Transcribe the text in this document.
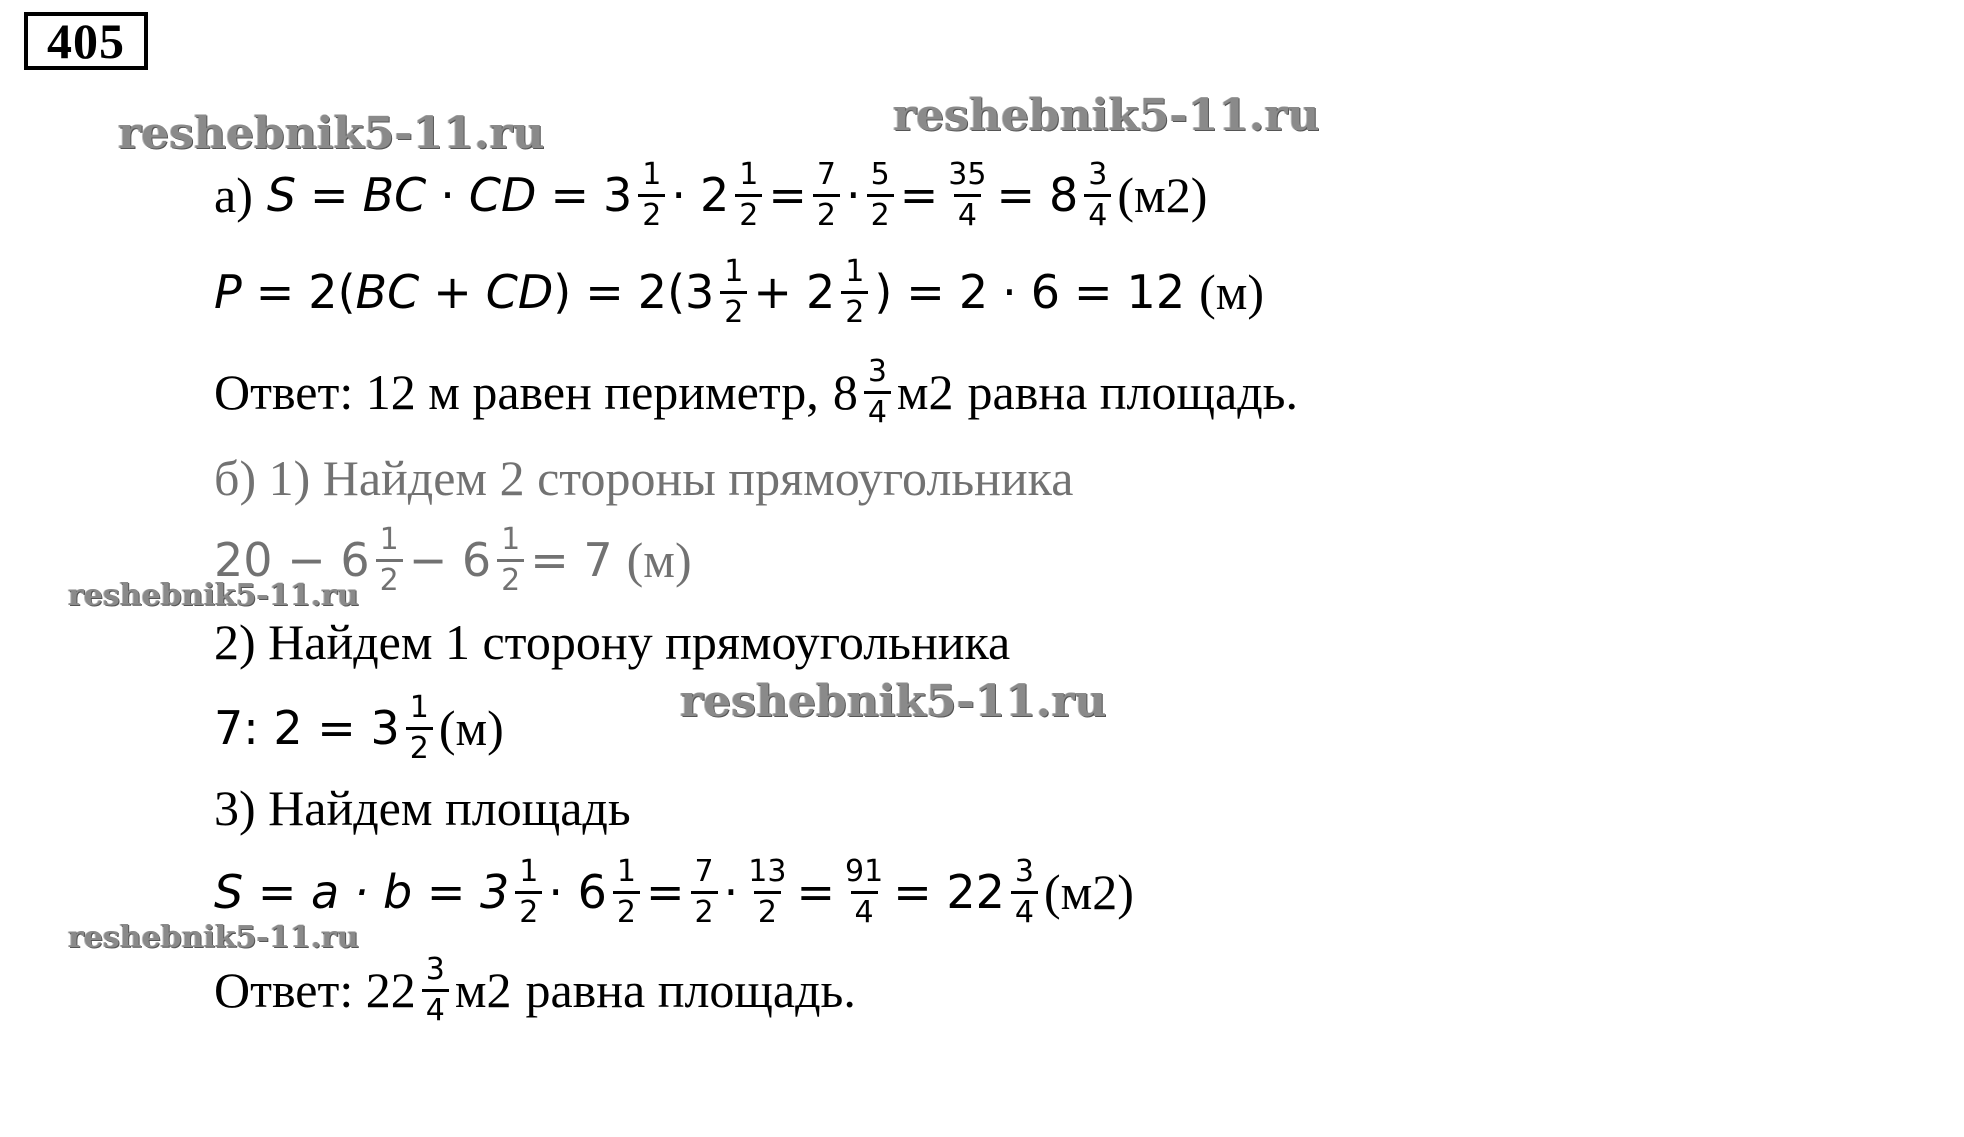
405
reshebnik5-11.ru	reshebnik5-11.ru
reshebnik5-11.ru
reshebnik5-11.ru
reshebnik5-11.ru
а) S = BC · CD = $3 \frac{1}{2} \cdot 2 \frac{1}{2} = \frac{7}{2} \cdot \frac{5}{2} = \frac{35}{4} = 8 \frac{3}{4} (м$ 2 )
P = 2( BC + CD ) = 2( $3 \frac{1}{2} + 2 \frac{1}{2}$ ) = 2 · 6 = 12 (м)
Ответ: 12 м равен периметр, $8 \frac{3}{4}$ м 2 равна площадь.
б) 1) Найдем 2 стороны прямоугольника
$20 - 6 \frac{1}{2} - 6 \frac{1}{2} = 7$ (м)
2) Найдем 1 сторону прямоугольника
7: $2 = 3 \frac{1}{2} (м)$
3) Найдем площадь
$S = a \cdot b = 3 \frac{1}{2} \cdot 6 \frac{1}{2} = \frac{7}{2} \cdot \frac{13}{2} = \frac{91}{4} = 22 \frac{3}{4} (м$ 2 )
Ответ: $22 \frac{3}{4}$ м 2 равна площадь.
